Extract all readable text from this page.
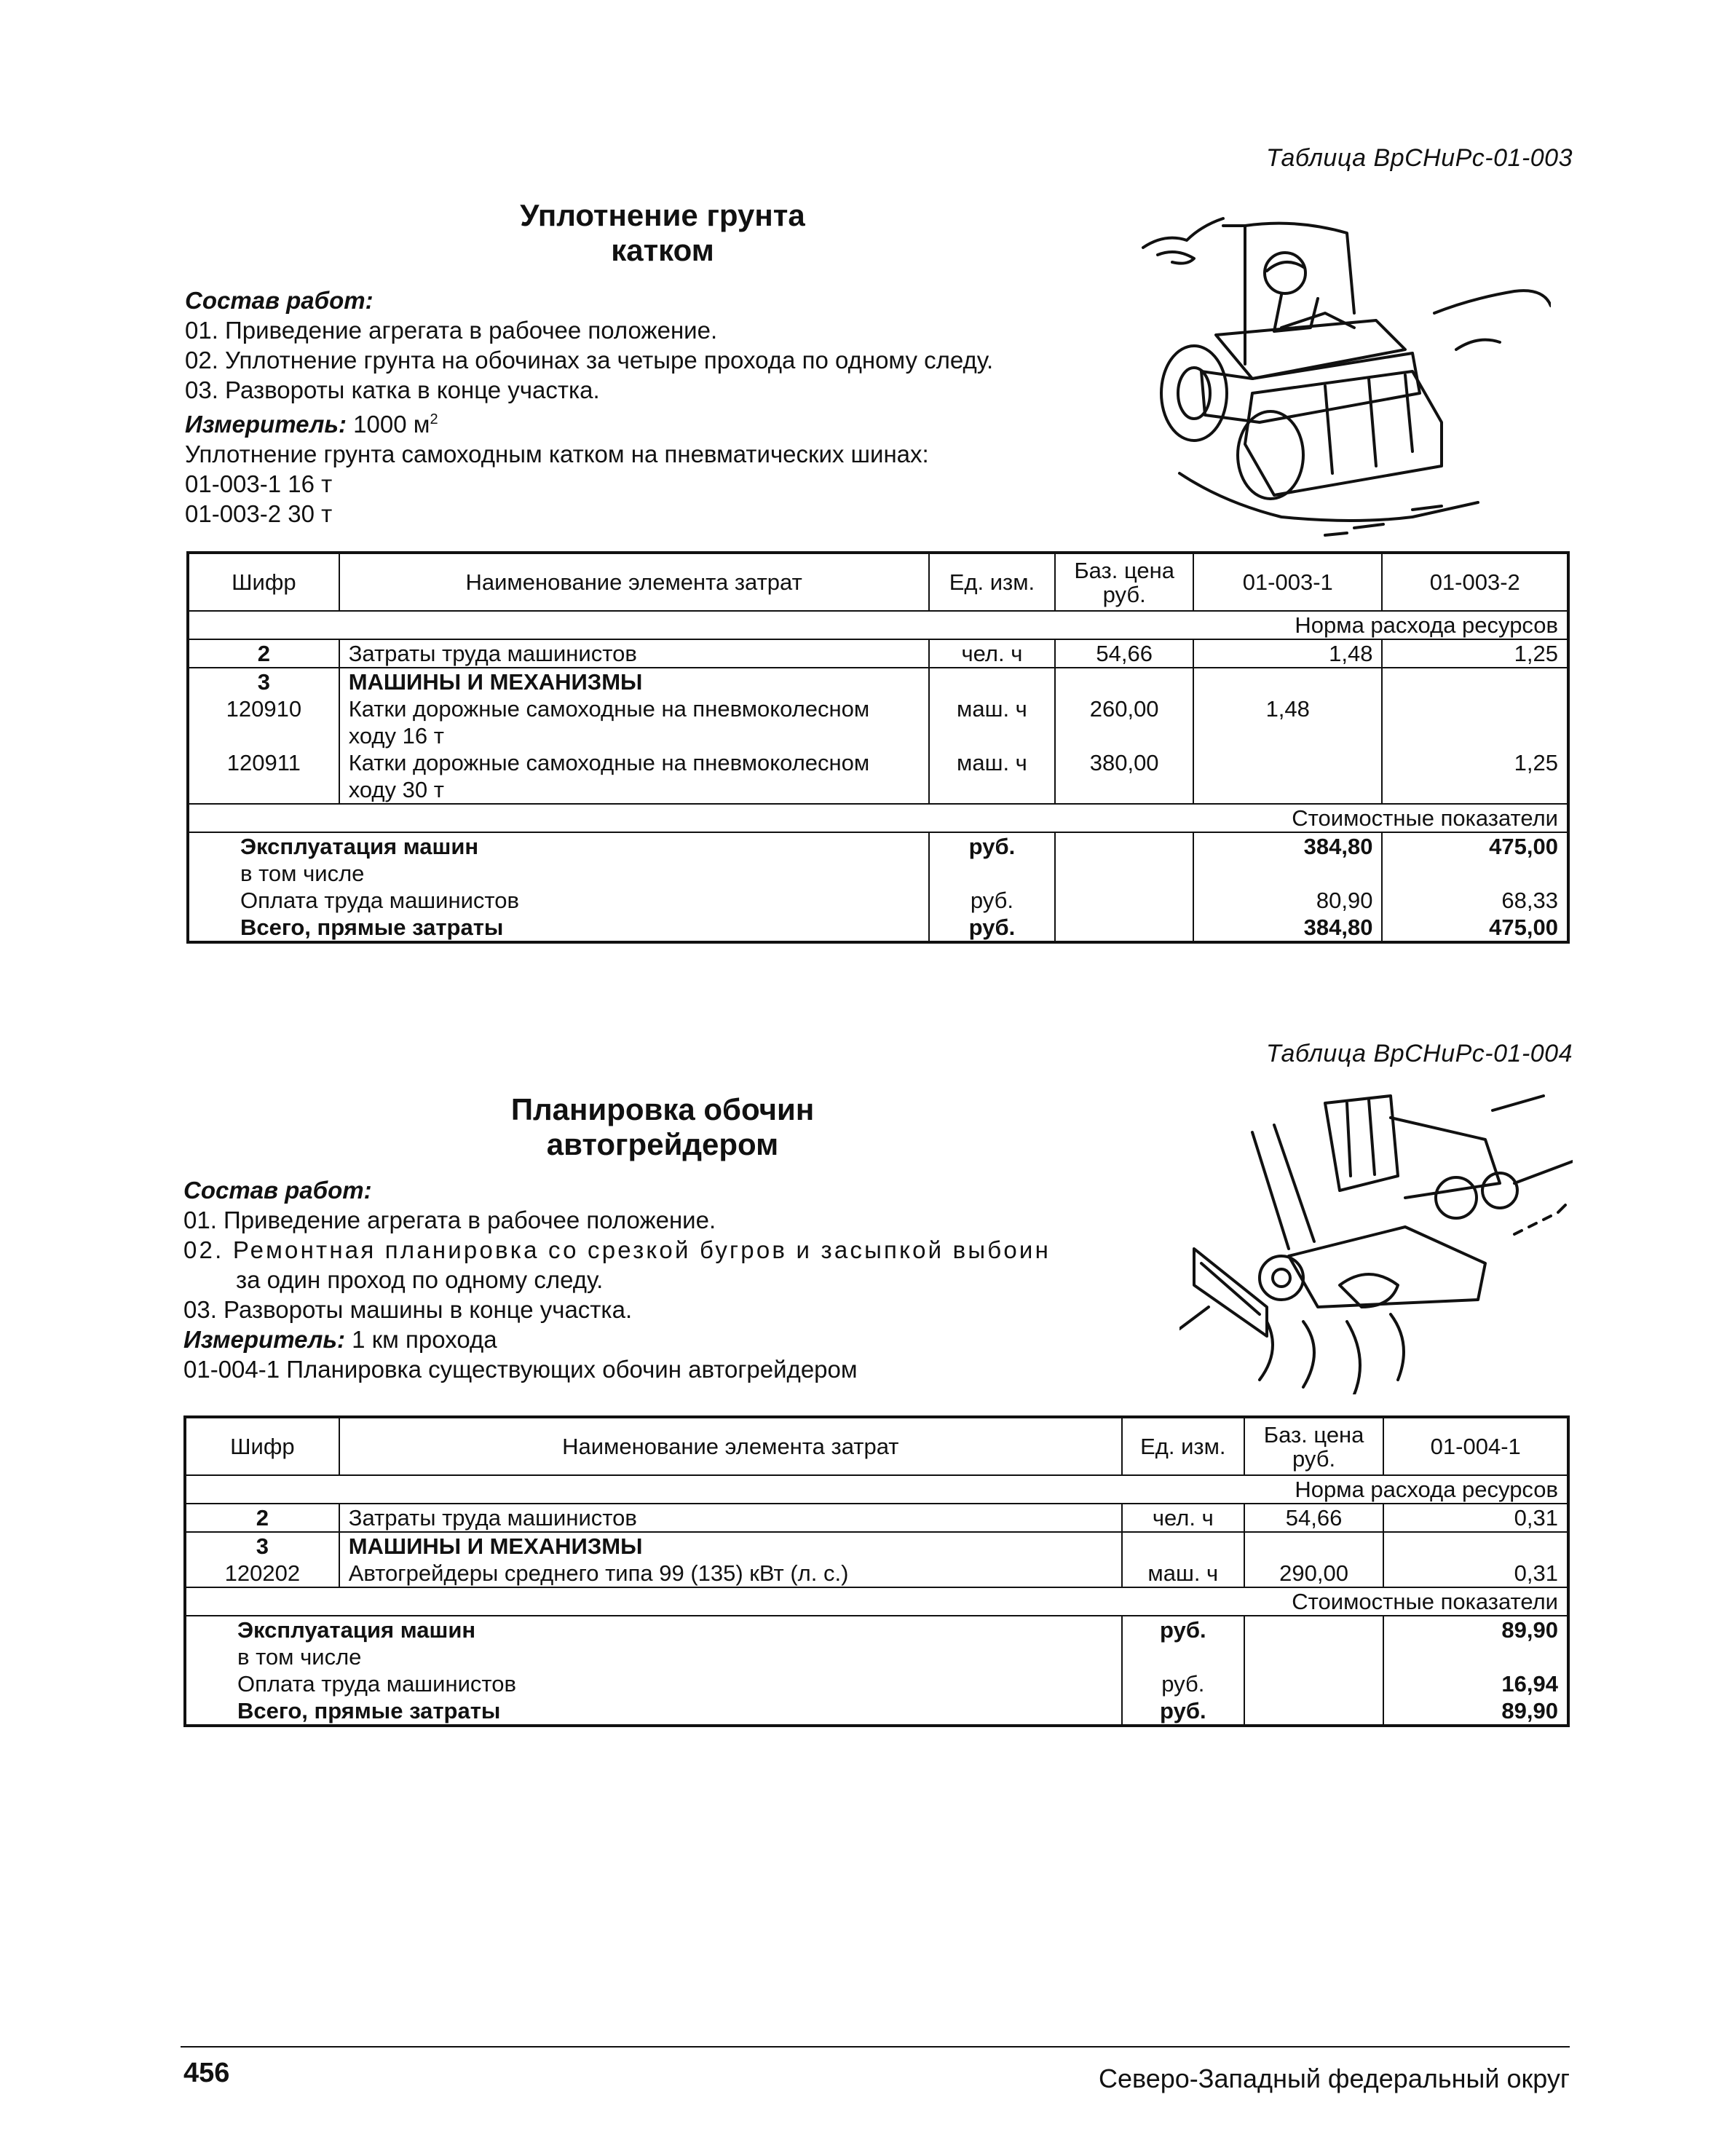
Таблица ВрСНиРс-01-003
Уплотнение грунта
катком
Состав работ:
01. Приведение агрегата в рабочее положение.
02. Уплотнение грунта на обочинах за четыре прохода по одному следу.
03. Развороты катка в конце участка.
Измеритель: 1000 $м^2$
Уплотнение грунта самоходным катком на пневматических шинах:
01-003-1 16 т
01-003-2 30 т
Шифр	Наименование элемента затрат	Ед. изм.	Баз. цена руб.	01-003-1	01-003-2
Норма расхода ресурсов					
2	Затраты труда машинистов	чел. ч	54,66	1,48	1,25
3	МАШИНЫ И МЕХАНИЗМЫ				
120910	Катки дорожные самоходные на пневмоколесном ходу 16 т	маш. ч	260,00	1,48	
120911	Катки дорожные самоходные на пневмоколесном ходу 30 т	маш. ч	380,00		1,25
Стоимостные показатели					
Эксплуатация машин		руб.		384,80	475,00
в том числе					
Оплата труда машинистов		руб.		80,90	68,33
Всего, прямые затраты		руб.		384,80	475,00
Таблица ВрСНиРс-01-004
Планировка обочин
автогрейдером
Состав работ:
01. Приведение агрегата в рабочее положение.
02. Ремонтная планировка со срезкой бугров и засыпкой выбоин
за один проход по одному следу.
03. Развороты машины в конце участка.
Измеритель: 1 км прохода
01-004-1 Планировка существующих обочин автогрейдером
Шифр	Наименование элемента затрат	Ед. изм.	Баз. цена руб.	01-004-1
Норма расхода ресурсов				
2	Затраты труда машинистов	чел. ч	54,66	0,31
3	МАШИНЫ И МЕХАНИЗМЫ			
120202	Автогрейдеры среднего типа 99 (135) кВт (л. с.)	маш. ч	290,00	0,31
Стоимостные показатели				
Эксплуатация машин		руб.		89,90
в том числе				
Оплата труда машинистов		руб.		16,94
Всего, прямые затраты		руб.		89,90
456	Северо-Западный федеральный округ
